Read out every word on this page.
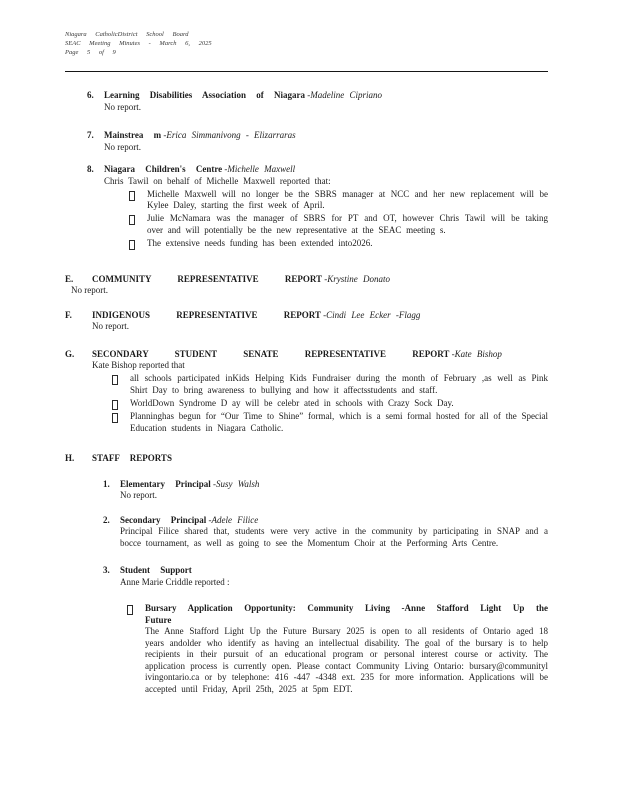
Niagara CatholicDistrict School Board
SEAC Meeting Minutes - March 6, 2025
Page 5 of 9
6.	Learning Disabilities Association of Niagara -Madeline Cipriano
No report.
7.	Mainstrea m -Erica Simmanivong - Elizarraras
No report.
8.	Niagara Children's Centre -Michelle Maxwell
Chris Tawil on behalf of Michelle Maxwell reported that:
Michelle Maxwell will no longer be the SBRS manager at NCC and her new replacement will be Kylee Daley, starting the first week of April.
Julie McNamara was the manager of SBRS for PT and OT, however Chris Tawil will be taking over and will potentially be the new representative at the SEAC meeting s.
The extensive needs funding has been extended into2026.
E.	COMMUNITY REPRESENTATIVE REPORT -Krystine Donato
No report.
F.	INDIGENOUS REPRESENTATIVE REPORT -Cindi Lee Ecker -Flagg
No report.
G.	SECONDARY STUDENT SENATE REPRESENTATIVE REPORT -Kate Bishop
Kate Bishop reported that
all schools participated inKids Helping Kids Fundraiser during the month of February ,as well as Pink Shirt Day to bring awareness to bullying and how it affectsstudents and staff.
WorldDown Syndrome D ay will be celebr ated in schools with Crazy Sock Day.
Planninghas begun for “Our Time to Shine” formal, which is a semi formal hosted for all of the Special Education students in Niagara Catholic.
H.	STAFF REPORTS
1.	Elementary Principal -Susy Walsh
No report.
2.	Secondary Principal -Adele Filice
Principal Filice shared that, students were very active in the community by participating in SNAP and a bocce tournament, as well as going to see the Momentum Choir at the Performing Arts Centre.
3.	Student Support
Anne Marie Criddle reported :
Bursary Application Opportunity: Community Living -Anne Stafford Light Up the Future
The Anne Stafford Light Up the Future Bursary 2025 is open to all residents of Ontario aged 18 years andolder who identify as having an intellectual disability. The goal of the bursary is to help recipients in their pursuit of an educational program or personal interest course or activity. The application process is currently open. Please contact Community Living Ontario: bursary@communityl ivingontario.ca or by telephone: 416 -447 -4348 ext. 235 for more information. Applications will be accepted until Friday, April 25th, 2025 at 5pm EDT.
